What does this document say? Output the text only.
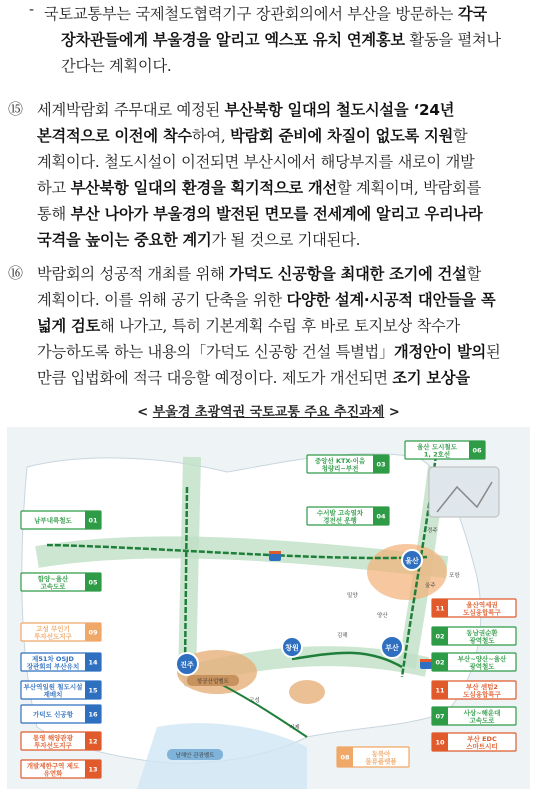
- 국토교통부는 국제철도협력기구 장관회의에서 부산을 방문하는 각국
장차관들에게 부울경을 알리고 엑스포 유치 연계홍보 활동을 펼쳐나
간다는 계획이다.
⑮ 세계박람회 주무대로 예정된 부산북항 일대의 철도시설을 ‘24년
본격적으로 이전에 착수하여, 박람회 준비에 차질이 없도록 지원할
계획이다. 철도시설이 이전되면 부산시에서 해당부지를 새로이 개발
하고 부산북항 일대의 환경을 획기적으로 개선할 계획이며, 박람회를
통해 부산 나아가 부울경의 발전된 면모를 전세계에 알리고 우리나라
국격을 높이는 중요한 계기가 될 것으로 기대된다.
⑯ 박람회의 성공적 개최를 위해 가덕도 신공항을 최대한 조기에 건설할
계획이다. 이를 위해 공기 단축을 위한 다양한 설계·시공적 대안들을 폭
넓게 검토해 나가고, 특히 기본계획 수립 후 바로 토지보상 착수가
가능하도록 하는 내용의「가덕도 신공항 건설 특별법」개정안이 발의된
만큼 입법화에 적극 대응할 예정이다. 제도가 개선되면 조기 보상을
< 부울경 초광역권 국토교통 주요 추진과제 >
진주
창원	부산
울산
경주
포항
밀양
양산
김해
거제
고성
울주
항공산업벨트
남해안 관광벨트
01
남부내륙철도
05
함양~울산 고속도로
09
고성 무인기 투자선도지구
14
제51차 OSJD 장관회의 부산유치
15
부산역일원 철도시설 재배치
16
가덕도 신공항
12
통영 해양관광 투자선도지구
13
개발제한구역 제도 유연화
04
수서발 고속열차 경전선 운행
03
중앙선 KTX-이음 청량리~부전
06
울산 도시철도 1, 2호선
11	울산역세권 도심융합특구
02	동남권순환 광역철도
02 부산~양산~울산 광역철도
11	부산 센텀2 도심융합특구
07	사상~해운대 고속도로
10	부산 EDC 스마트시티
08	동북아 물류플랫폼
